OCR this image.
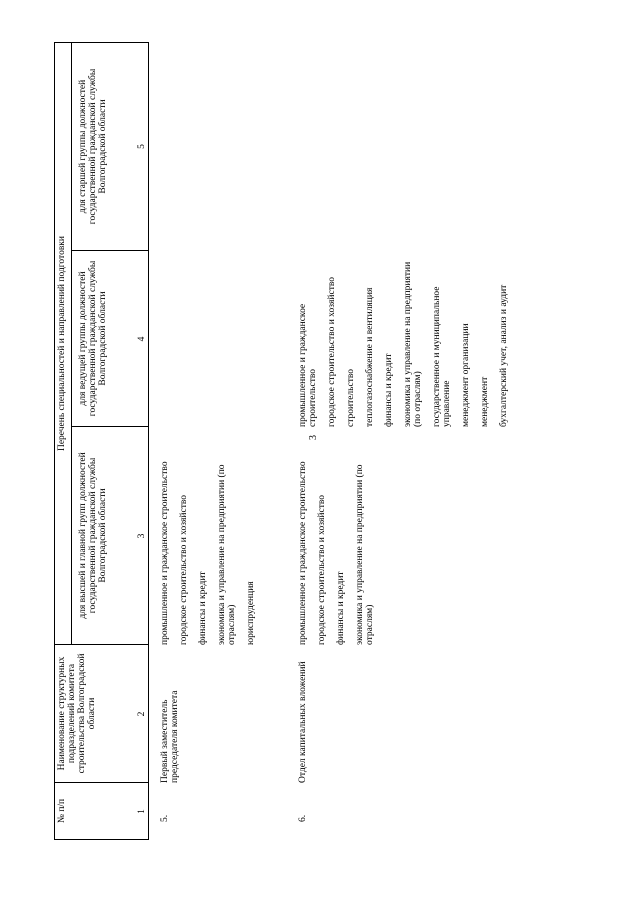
3
№ п/п
Наименование структурных подразделений комитета строительства Волгоградской области
Перечень специальностей и направлений подготовки
для высшей и главной групп должностей государственной гражданской службы Волгоградской области
для ведущей группы должностей государственной гражданской службы Волгоградской области
для старшей группы должностей государственной гражданской службы Волгоградской области
1
2
3
4
5
5.
Первый заместитель председателя комитета
промышленное и гражданское строительство городское строительство и хозяйство финансы и кредит экономика и управление на предприятии (по отраслям) юриспруденция
6.
Отдел капитальных вложений
промышленное и гражданское строительство городское строительство и хозяйство финансы и кредит экономика и управление на предприятии (по отраслям)
промышленное и гражданское строительство городское строительство и хозяйство строительство теплогазоснабжение и вентиляция финансы и кредит экономика и управление на предприятии (по отраслям) государственное и муниципальное управление менеджмент организации менеджмент бухгалтерский учет, анализ и аудит
